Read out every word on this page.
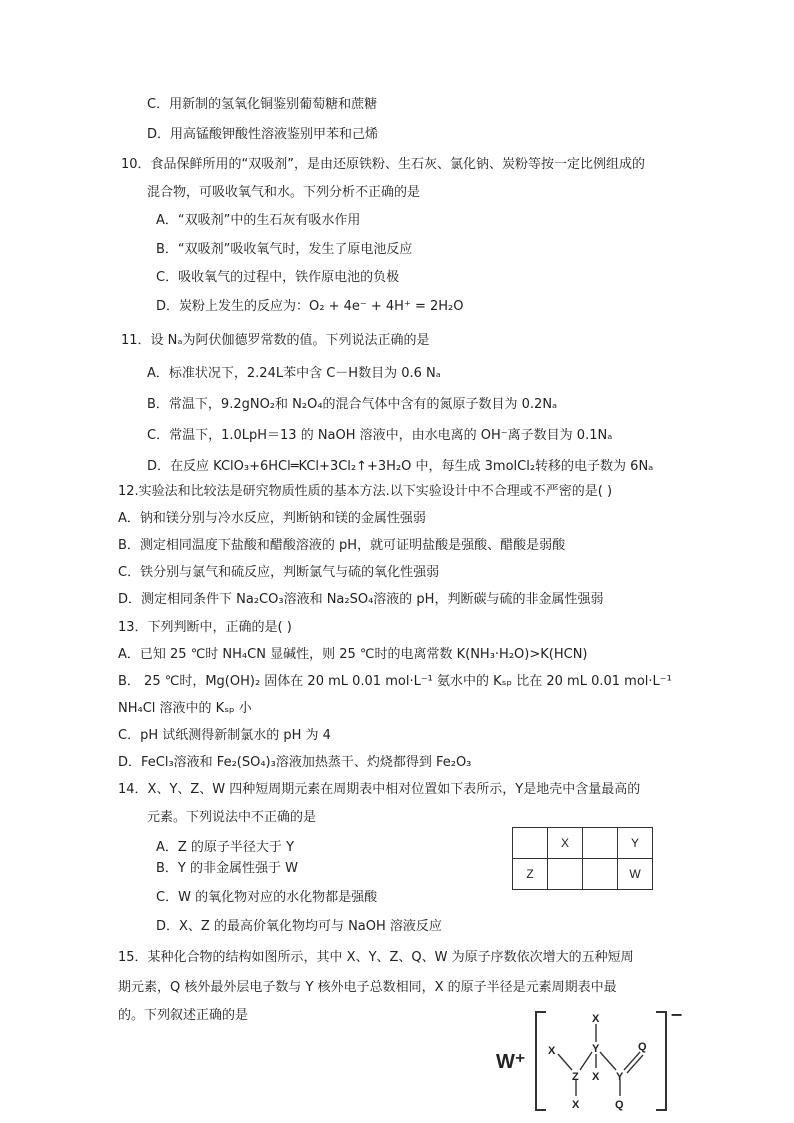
C．用新制的氢氧化铜鉴别葡萄糖和蔗糖
D．用高锰酸钾酸性溶液鉴别甲苯和己烯
10．食品保鲜所用的“双吸剂”，是由还原铁粉、生石灰、氯化钠、炭粉等按一定比例组成的
混合物，可吸收氧气和水。下列分析不正确的是
A．“双吸剂”中的生石灰有吸水作用
B．“双吸剂”吸收氧气时，发生了原电池反应
C．吸收氧气的过程中，铁作原电池的负极
D．炭粉上发生的反应为：O₂ + 4e⁻ + 4H⁺ = 2H₂O
11．设 Nₐ为阿伏伽德罗常数的值。下列说法正确的是
A．标准状况下，2.24L苯中含 C－H数目为 0.6 Nₐ
B．常温下，9.2gNO₂和 N₂O₄的混合气体中含有的氮原子数目为 0.2Nₐ
C．常温下，1.0LpH＝13 的 NaOH 溶液中，由水电离的 OH⁻离子数目为 0.1Nₐ
D．在反应 KClO₃+6HCl═KCl+3Cl₂↑+3H₂O 中，每生成 3molCl₂转移的电子数为 6Nₐ
12.实验法和比较法是研究物质性质的基本方法.以下实验设计中不合理或不严密的是( )
A．钠和镁分别与冷水反应，判断钠和镁的金属性强弱
B．测定相同温度下盐酸和醋酸溶液的 pH，就可证明盐酸是强酸、醋酸是弱酸
C．铁分别与氯气和硫反应，判断氯气与硫的氧化性强弱
D．测定相同条件下 Na₂CO₃溶液和 Na₂SO₄溶液的 pH，判断碳与硫的非金属性强弱
13．下列判断中，正确的是( )
A．已知 25 ℃时 NH₄CN 显碱性，则 25 ℃时的电离常数 K(NH₃·H₂O)>K(HCN)
B． 25 ℃时，Mg(OH)₂ 固体在 20 mL 0.01 mol·L⁻¹ 氨水中的 Kₛₚ 比在 20 mL 0.01 mol·L⁻¹
NH₄Cl 溶液中的 Kₛₚ 小
C．pH 试纸测得新制氯水的 pH 为 4
D．FeCl₃溶液和 Fe₂(SO₄)₃溶液加热蒸干、灼烧都得到 Fe₂O₃
14．X、Y、Z、W 四种短周期元素在周期表中相对位置如下表所示，Y是地壳中含量最高的
元素。下列说法中不正确的是
A．Z 的原子半径大于 Y
B．Y 的非金属性强于 W
C．W 的氧化物对应的水化物都是强酸
D．X、Z 的最高价氧化物均可与 NaOH 溶液反应
	X		Y
Z			W
15．某种化合物的结构如图所示，其中 X、Y、Z、Q、W 为原子序数依次增大的五种短周
期元素，Q 核外最外层电子数与 Y 核外电子总数相同，X 的原子半径是元素周期表中最
的。下列叙述正确的是
W⁺
−
X
X	Y
X
Z
X
Y
Q
Q
